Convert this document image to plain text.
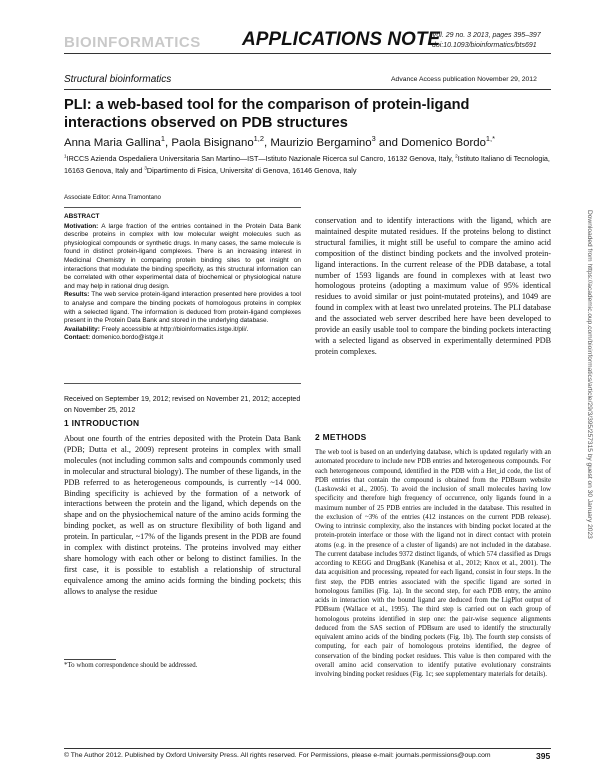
BIOINFORMATICS APPLICATIONS NOTE
Vol. 29 no. 3 2013, pages 395–397
doi:10.1093/bioinformatics/bts691
Structural bioinformatics	Advance Access publication November 29, 2012
PLI: a web-based tool for the comparison of protein-ligand interactions observed on PDB structures
Anna Maria Gallina$^1$, Paola Bisignano$^{1,2}$, Maurizio Bergamino$^3$ and Domenico Bordo$^{1,*}$
$^1$IRCCS Azienda Ospedaliera Universitaria San Martino—IST—Istituto Nazionale Ricerca sul Cancro, 16132 Genova, Italy, $^2$Istituto Italiano di Tecnologia, 16163 Genova, Italy and $^3$Dipartimento di Fisica, Universita' di Genova, 16146 Genova, Italy
Associate Editor: Anna Tramontano

ABSTRACT

Motivation: A large fraction of the entries contained in the Protein Data Bank describe proteins in complex with low molecular weight molecules such as physiological compounds or synthetic drugs. In many cases, the same molecule is found in distinct protein-ligand complexes. There is an increasing interest in Medicinal Chemistry in comparing protein binding sites to get insight on interactions that modulate the binding specificity, as this structural information can be correlated with other experimental data of biochemical or physiological nature and may help in rational drug design.

Results: The web service protein-ligand interaction presented here provides a tool to analyse and compare the binding pockets of homologous proteins in complex with a selected ligand. The information is deduced from protein-ligand complexes present in the Protein Data Bank and stored in the underlying database.

Availability: Freely accessible at http://bioinformatics.istge.it/pli/.

Contact: domenico.bordo@istge.it

Received on September 19, 2012; revised on November 21, 2012; accepted on November 25, 2012
1 INTRODUCTION
About one fourth of the entries deposited with the Protein Data Bank (PDB; Dutta et al., 2009) represent proteins in complex with small molecules (not including common salts and compounds commonly used in molecular and structural biology). The number of these ligands, in the PDB referred to as heterogeneous compounds, is currently ~14 000. Binding specificity is achieved by the formation of a network of interactions between the protein and the ligand, which depends on the shape and on the physiochemical nature of the amino acids forming the binding pocket, as well as on structure flexibility of both ligand and protein. In particular, ~17% of the ligands present in the PDB are found in complex with distinct proteins. The proteins involved may either share homology with each other or belong to distinct families. In the first case, it is possible to establish a relationship of structural equivalence among the amino acids forming the binding pockets; this allows to analyse the residue
conservation and to identify interactions with the ligand, which are maintained despite mutated residues. If the proteins belong to distinct structural families, it might still be useful to compare the amino acid composition of the distinct binding pockets and the involved protein-ligand interactions. In the current release of the PDB database, a total number of 1593 ligands are found in complexes with at least two homologous proteins (adopting a maximum value of 95% identical residues to avoid similar or just point-mutated proteins), and 1049 are found in complex with at least two unrelated proteins. The PLI database and the associated web server described here have been developed to provide an easily usable tool to compare the binding pockets interacting with a selected ligand as observed in experimentally determined PDB protein complexes.
2 METHODS
The web tool is based on an underlying database, which is updated regularly with an automated procedure to include new PDB entries and heterogeneous compounds. For each heterogeneous compound, identified in the PDB with a Het_id code, the list of PDB entries that contain the compound is obtained from the PDBsum website (Laskowski et al., 2005). To avoid the inclusion of small molecules having low specificity and therefore high frequency of occurrence, only ligands found in a maximum number of 25 PDB entries are included in the database. This resulted in the exclusion of ~3% of the entries (412 instances on the current PDB release). Owing to intrinsic complexity, also the instances with binding pocket located at the protein-protein interface or those with the ligand not in direct contact with protein atoms (e.g. in the presence of a cluster of ligands) are not included in the database. The current database includes 9372 distinct ligands, of which 574 classified as Drugs according to KEGG and DrugBank (Kanehisa et al., 2012; Knox et al., 2001). The data acquisition and processing, repeated for each ligand, consist in four steps. In the first step, the PDB entries associated with the specific ligand are sorted in homologous families (Fig. 1a). In the second step, for each PDB entry, the amino acids in interaction with the bound ligand are deduced from the LigPlot output of PDBsum (Wallace et al., 1995). The third step is carried out on each group of homologous proteins identified in step one: the pair-wise sequence alignments deduced from the SAS section of PDBsum are used to identify the structurally equivalent amino acids of the binding pockets (Fig. 1b). The fourth step consists of computing, for each pair of homologous proteins identified, the degree of conservation of the binding pocket residues. This value is then compared with the overall amino acid conservation to identify putative evolutionary constraints involving binding pocket residues (Fig. 1c; see supplementary materials for details).
*To whom correspondence should be addressed.
© The Author 2012. Published by Oxford University Press. All rights reserved. For Permissions, please e-mail: journals.permissions@oup.com	395
Downloaded from https://academic.oup.com/bioinformatics/article/29/3/395/257315 by guest on 30 January 2023
